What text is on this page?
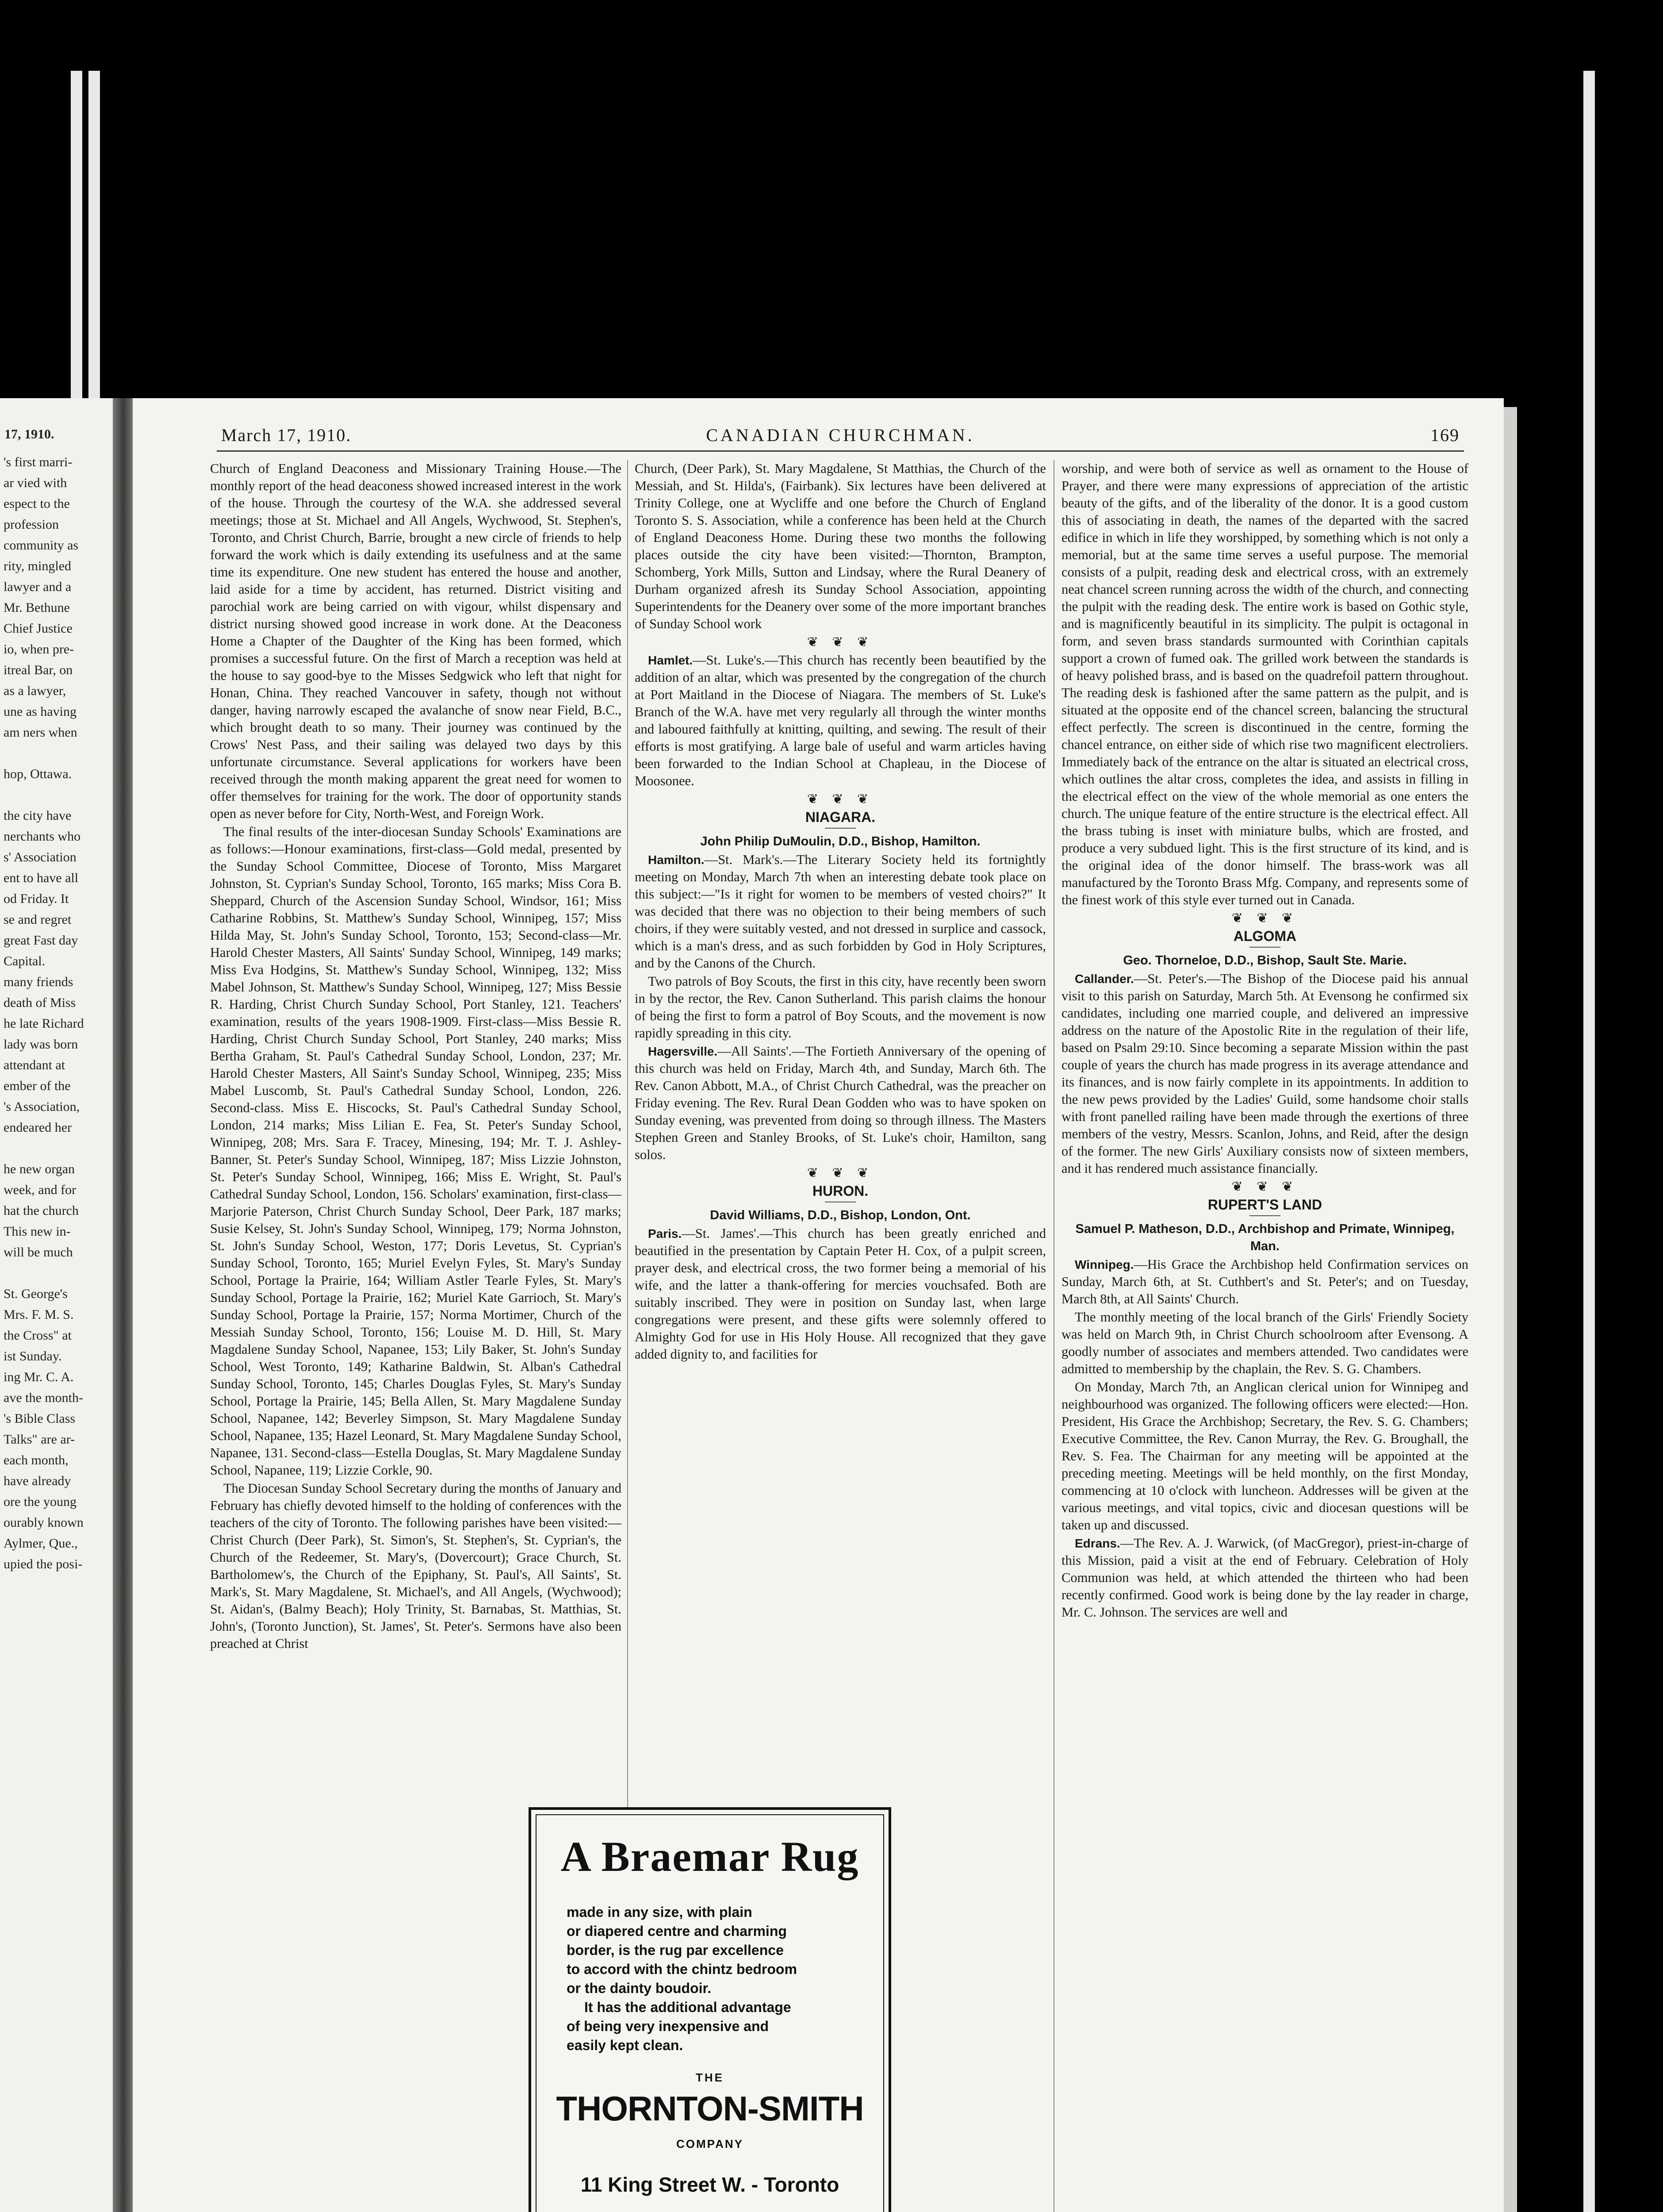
17, 1910.

's first marri-

ar vied with

espect to the

profession

community as

rity, mingled

lawyer and a

Mr. Bethune

Chief Justice

io, when pre-

itreal Bar, on

as a lawyer,

une as having

am ners when

hop, Ottawa.

the city have

nerchants who

s' Association

ent to have all

od Friday. It

se and regret

great Fast day

Capital.

many friends

death of Miss

he late Richard

lady was born

attendant at

ember of the

's Association,

endeared her

he new organ

week, and for

hat the church

This new in-

will be much

St. George's

Mrs. F. M. S.

the Cross" at

ist Sunday.

ing Mr. C. A.

ave the month-

's Bible Class

Talks" are ar-

each month,

have already

ore the young

ourably known

Aylmer, Que.,

upied the posi-

March 17, 1910.	CANADIAN CHURCHMAN.	169

Church of England Deaconess and Missionary Training House.—The monthly report of the head deaconess showed increased interest in the work of the house. Through the courtesy of the W.A. she addressed several meetings; those at St. Michael and All Angels, Wychwood, St. Stephen's, Toronto, and Christ Church, Barrie, brought a new circle of friends to help forward the work which is daily extending its usefulness and at the same time its expenditure. One new student has entered the house and another, laid aside for a time by accident, has returned. District visiting and parochial work are being carried on with vigour, whilst dispensary and district nursing showed good increase in work done. At the Deaconess Home a Chapter of the Daughter of the King has been formed, which promises a successful future. On the first of March a reception was held at the house to say good-bye to the Misses Sedgwick who left that night for Honan, China. They reached Vancouver in safety, though not without danger, having narrowly escaped the avalanche of snow near Field, B.C., which brought death to so many. Their journey was continued by the Crows' Nest Pass, and their sailing was delayed two days by this unfortunate circumstance. Several applications for workers have been received through the month making apparent the great need for women to offer themselves for training for the work. The door of opportunity stands open as never before for City, North-West, and Foreign Work.

The final results of the inter-diocesan Sunday Schools' Examinations are as follows:—Honour examinations, first-class—Gold medal, presented by the Sunday School Committee, Diocese of Toronto, Miss Margaret Johnston, St. Cyprian's Sunday School, Toronto, 165 marks; Miss Cora B. Sheppard, Church of the Ascension Sunday School, Windsor, 161; Miss Catharine Robbins, St. Matthew's Sunday School, Winnipeg, 157; Miss Hilda May, St. John's Sunday School, Toronto, 153; Second-class—Mr. Harold Chester Masters, All Saints' Sunday School, Winnipeg, 149 marks; Miss Eva Hodgins, St. Matthew's Sunday School, Winnipeg, 132; Miss Mabel Johnson, St. Matthew's Sunday School, Winnipeg, 127; Miss Bessie R. Harding, Christ Church Sunday School, Port Stanley, 121. Teachers' examination, results of the years 1908-1909. First-class—Miss Bessie R. Harding, Christ Church Sunday School, Port Stanley, 240 marks; Miss Bertha Graham, St. Paul's Cathedral Sunday School, London, 237; Mr. Harold Chester Masters, All Saint's Sunday School, Winnipeg, 235; Miss Mabel Luscomb, St. Paul's Cathedral Sunday School, London, 226. Second-class. Miss E. Hiscocks, St. Paul's Cathedral Sunday School, London, 214 marks; Miss Lilian E. Fea, St. Peter's Sunday School, Winnipeg, 208; Mrs. Sara F. Tracey, Minesing, 194; Mr. T. J. Ashley-Banner, St. Peter's Sunday School, Winnipeg, 187; Miss Lizzie Johnston, St. Peter's Sunday School, Winnipeg, 166; Miss E. Wright, St. Paul's Cathedral Sunday School, London, 156. Scholars' examination, first-class—Marjorie Paterson, Christ Church Sunday School, Deer Park, 187 marks; Susie Kelsey, St. John's Sunday School, Winnipeg, 179; Norma Johnston, St. John's Sunday School, Weston, 177; Doris Levetus, St. Cyprian's Sunday School, Toronto, 165; Muriel Evelyn Fyles, St. Mary's Sunday School, Portage la Prairie, 164; William Astler Tearle Fyles, St. Mary's Sunday School, Portage la Prairie, 162; Muriel Kate Garrioch, St. Mary's Sunday School, Portage la Prairie, 157; Norma Mortimer, Church of the Messiah Sunday School, Toronto, 156; Louise M. D. Hill, St. Mary Magdalene Sunday School, Napanee, 153; Lily Baker, St. John's Sunday School, West Toronto, 149; Katharine Baldwin, St. Alban's Cathedral Sunday School, Toronto, 145; Charles Douglas Fyles, St. Mary's Sunday School, Portage la Prairie, 145; Bella Allen, St. Mary Magdalene Sunday School, Napanee, 142; Beverley Simpson, St. Mary Magdalene Sunday School, Napanee, 135; Hazel Leonard, St. Mary Magdalene Sunday School, Napanee, 131. Second-class—Estella Douglas, St. Mary Magdalene Sunday School, Napanee, 119; Lizzie Corkle, 90.

The Diocesan Sunday School Secretary during the months of January and February has chiefly devoted himself to the holding of conferences with the teachers of the city of Toronto. The following parishes have been visited:—Christ Church (Deer Park), St. Simon's, St. Stephen's, St. Cyprian's, the Church of the Redeemer, St. Mary's, (Dovercourt); Grace Church, St. Bartholomew's, the Church of the Epiphany, St. Paul's, All Saints', St. Mark's, St. Mary Magdalene, St. Michael's, and All Angels, (Wychwood); St. Aidan's, (Balmy Beach); Holy Trinity, St. Barnabas, St. Matthias, St. John's, (Toronto Junction), St. James', St. Peter's. Sermons have also been preached at Christ

Church, (Deer Park), St. Mary Magdalene, St Matthias, the Church of the Messiah, and St. Hilda's, (Fairbank). Six lectures have been delivered at Trinity College, one at Wycliffe and one before the Church of England Toronto S. S. Association, while a conference has been held at the Church of England Deaconess Home. During these two months the following places outside the city have been visited:—Thornton, Brampton, Schomberg, York Mills, Sutton and Lindsay, where the Rural Deanery of Durham organized afresh its Sunday School Association, appointing Superintendents for the Deanery over some of the more important branches of Sunday School work

❦ ❦ ❦

Hamlet.—St. Luke's.—This church has recently been beautified by the addition of an altar, which was presented by the congregation of the church at Port Maitland in the Diocese of Niagara. The members of St. Luke's Branch of the W.A. have met very regularly all through the winter months and laboured faithfully at knitting, quilting, and sewing. The result of their efforts is most gratifying. A large bale of useful and warm articles having been forwarded to the Indian School at Chapleau, in the Diocese of Moosonee.

❦ ❦ ❦

NIAGARA.

John Philip DuMoulin, D.D., Bishop, Hamilton.

Hamilton.—St. Mark's.—The Literary Society held its fortnightly meeting on Monday, March 7th when an interesting debate took place on this subject:—"Is it right for women to be members of vested choirs?" It was decided that there was no objection to their being members of such choirs, if they were suitably vested, and not dressed in surplice and cassock, which is a man's dress, and as such forbidden by God in Holy Scriptures, and by the Canons of the Church.

Two patrols of Boy Scouts, the first in this city, have recently been sworn in by the rector, the Rev. Canon Sutherland. This parish claims the honour of being the first to form a patrol of Boy Scouts, and the movement is now rapidly spreading in this city.

Hagersville.—All Saints'.—The Fortieth Anniversary of the opening of this church was held on Friday, March 4th, and Sunday, March 6th. The Rev. Canon Abbott, M.A., of Christ Church Cathedral, was the preacher on Friday evening. The Rev. Rural Dean Godden who was to have spoken on Sunday evening, was prevented from doing so through illness. The Masters Stephen Green and Stanley Brooks, of St. Luke's choir, Hamilton, sang solos.

❦ ❦ ❦

HURON.

David Williams, D.D., Bishop, London, Ont.

Paris.—St. James'.—This church has been greatly enriched and beautified in the presentation by Captain Peter H. Cox, of a pulpit screen, prayer desk, and electrical cross, the two former being a memorial of his wife, and the latter a thank-offering for mercies vouchsafed. Both are suitably inscribed. They were in position on Sunday last, when large congregations were present, and these gifts were solemnly offered to Almighty God for use in His Holy House. All recognized that they gave added dignity to, and facilities for

worship, and were both of service as well as ornament to the House of Prayer, and there were many expressions of appreciation of the artistic beauty of the gifts, and of the liberality of the donor. It is a good custom this of associating in death, the names of the departed with the sacred edifice in which in life they worshipped, by something which is not only a memorial, but at the same time serves a useful purpose. The memorial consists of a pulpit, reading desk and electrical cross, with an extremely neat chancel screen running across the width of the church, and connecting the pulpit with the reading desk. The entire work is based on Gothic style, and is magnificently beautiful in its simplicity. The pulpit is octagonal in form, and seven brass standards surmounted with Corinthian capitals support a crown of fumed oak. The grilled work between the standards is of heavy polished brass, and is based on the quadrefoil pattern throughout. The reading desk is fashioned after the same pattern as the pulpit, and is situated at the opposite end of the chancel screen, balancing the structural effect perfectly. The screen is discontinued in the centre, forming the chancel entrance, on either side of which rise two magnificent electroliers. Immediately back of the entrance on the altar is situated an electrical cross, which outlines the altar cross, completes the idea, and assists in filling in the electrical effect on the view of the whole memorial as one enters the church. The unique feature of the entire structure is the electrical effect. All the brass tubing is inset with miniature bulbs, which are frosted, and produce a very subdued light. This is the first structure of its kind, and is the original idea of the donor himself. The brass-work was all manufactured by the Toronto Brass Mfg. Company, and represents some of the finest work of this style ever turned out in Canada.

❦ ❦ ❦

ALGOMA

Geo. Thorneloe, D.D., Bishop, Sault Ste. Marie.

Callander.—St. Peter's.—The Bishop of the Diocese paid his annual visit to this parish on Saturday, March 5th. At Evensong he confirmed six candidates, including one married couple, and delivered an impressive address on the nature of the Apostolic Rite in the regulation of their life, based on Psalm 29:10. Since becoming a separate Mission within the past couple of years the church has made progress in its average attendance and its finances, and is now fairly complete in its appointments. In addition to the new pews provided by the Ladies' Guild, some handsome choir stalls with front panelled railing have been made through the exertions of three members of the vestry, Messrs. Scanlon, Johns, and Reid, after the design of the former. The new Girls' Auxiliary consists now of sixteen members, and it has rendered much assistance financially.

❦ ❦ ❦

RUPERT'S LAND

Samuel P. Matheson, D.D., Archbishop and Primate, Winnipeg, Man.

Winnipeg.—His Grace the Archbishop held Confirmation services on Sunday, March 6th, at St. Cuthbert's and St. Peter's; and on Tuesday, March 8th, at All Saints' Church.

The monthly meeting of the local branch of the Girls' Friendly Society was held on March 9th, in Christ Church schoolroom after Evensong. A goodly number of associates and members attended. Two candidates were admitted to membership by the chaplain, the Rev. S. G. Chambers.

On Monday, March 7th, an Anglican clerical union for Winnipeg and neighbourhood was organized. The following officers were elected:—Hon. President, His Grace the Archbishop; Secretary, the Rev. S. G. Chambers; Executive Committee, the Rev. Canon Murray, the Rev. G. Broughall, the Rev. S. Fea. The Chairman for any meeting will be appointed at the preceding meeting. Meetings will be held monthly, on the first Monday, commencing at 10 o'clock with luncheon. Addresses will be given at the various meetings, and vital topics, civic and diocesan questions will be taken up and discussed.

Edrans.—The Rev. A. J. Warwick, (of MacGregor), priest-in-charge of this Mission, paid a visit at the end of February. Celebration of Holy Communion was held, at which attended the thirteen who had been recently confirmed. Good work is being done by the lay reader in charge, Mr. C. Johnson. The services are well and

A Braemar Rug
made in any size, with plain
or diapered centre and charming
border, is the rug par excellence
to accord with the chintz bedroom
or the dainty boudoir.
It has the additional advantage
of being very inexpensive and
easily kept clean.
THE
THORNTON-SMITH
COMPANY
11 King Street W. - Toronto
